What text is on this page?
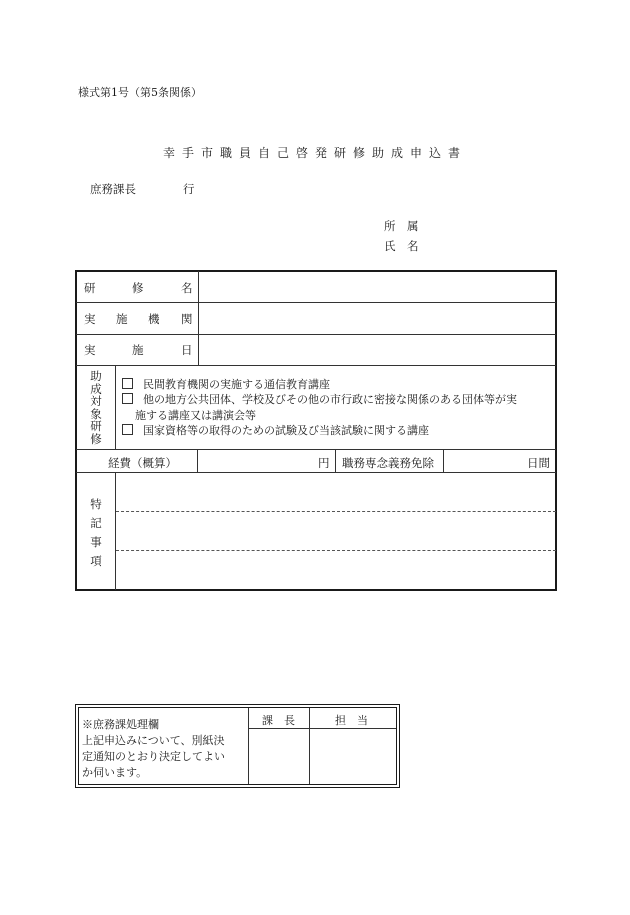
様式第1号（第5条関係）
幸手市職員自己啓発研修助成申込書
庶務課長	行
所　属
氏　名
研	修	名
実 施 機 関
実	施	日
助成対象研修
民間教育機関の実施する通信教育講座
他の地方公共団体、学校及びその他の市行政に密接な関係のある団体等が実
施する講座又は講演会等
国家資格等の取得のための試験及び当該試験に関する講座
経費（概算）	円 職務専念義務免除	日間
特記事項
※庶務課処理欄
上記申込みについて、別紙決
定通知のとおり決定してよい
か伺います。
課　長	担　当
